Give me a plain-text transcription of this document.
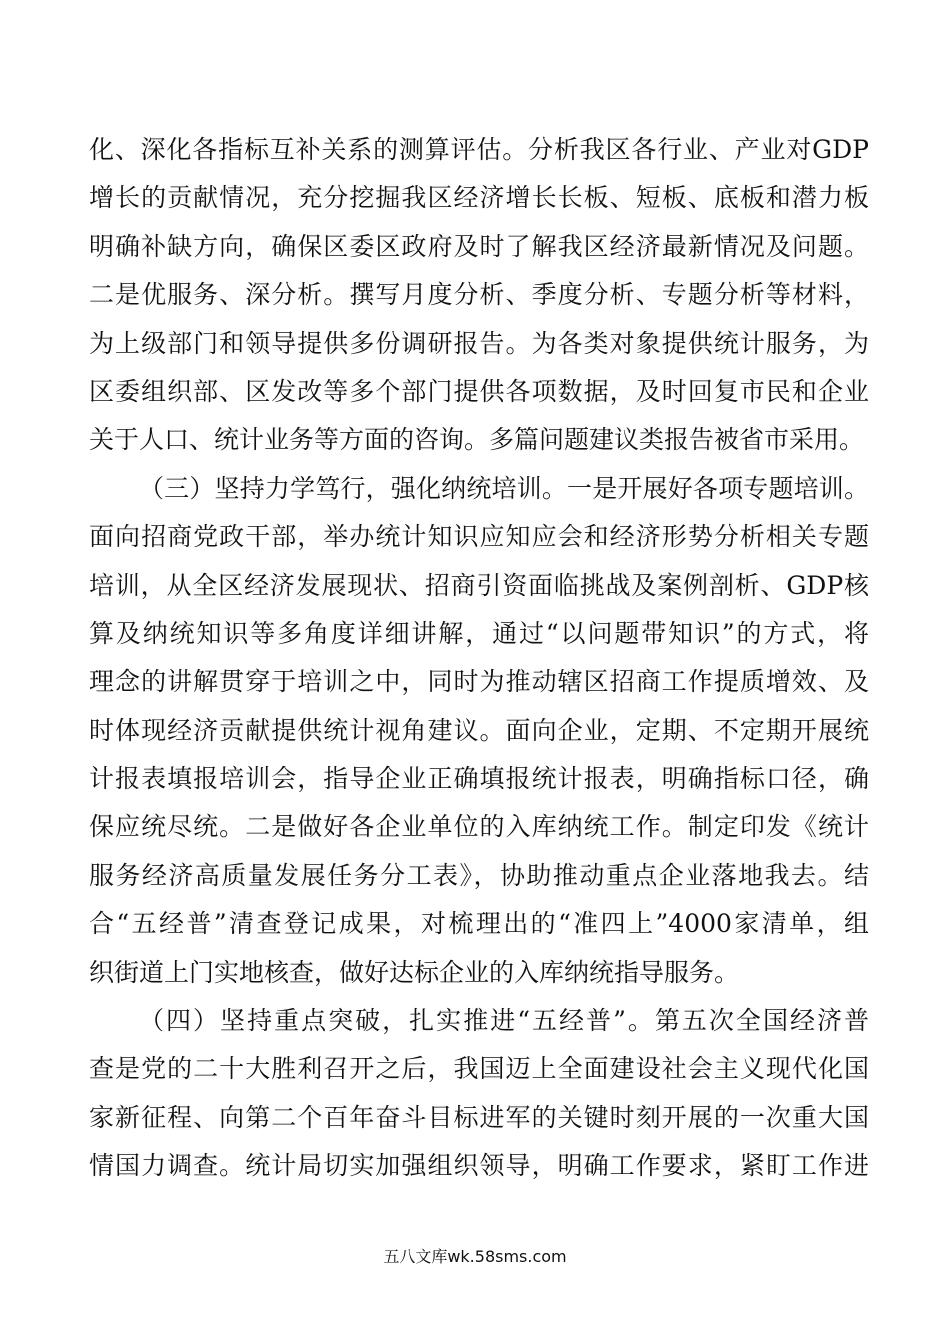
化、深化各指标互补关系的测算评估。分析我区各行业、产业对GDP
增长的贡献情况，充分挖掘我区经济增长长板、短板、底板和潜力板
明确补缺方向，确保区委区政府及时了解我区经济最新情况及问题。
二是优服务、深分析。撰写月度分析、季度分析、专题分析等材料，
为上级部门和领导提供多份调研报告。为各类对象提供统计服务，为
区委组织部、区发改等多个部门提供各项数据，及时回复市民和企业
关于人口、统计业务等方面的咨询。多篇问题建议类报告被省市采用。
（三）坚持力学笃行，强化纳统培训。一是开展好各项专题培训。
面向招商党政干部，举办统计知识应知应会和经济形势分析相关专题
培训，从全区经济发展现状、招商引资面临挑战及案例剖析、GDP核
算及纳统知识等多角度详细讲解，通过“以问题带知识”的方式，将
理念的讲解贯穿于培训之中，同时为推动辖区招商工作提质增效、及
时体现经济贡献提供统计视角建议。面向企业，定期、不定期开展统
计报表填报培训会，指导企业正确填报统计报表，明确指标口径，确
保应统尽统。二是做好各企业单位的入库纳统工作。制定印发《统计
服务经济高质量发展任务分工表》，协助推动重点企业落地我去。结
合“五经普”清查登记成果，对梳理出的“准四上”4000家清单，组
织街道上门实地核查，做好达标企业的入库纳统指导服务。
（四）坚持重点突破，扎实推进“五经普”。第五次全国经济普
查是党的二十大胜利召开之后，我国迈上全面建设社会主义现代化国
家新征程、向第二个百年奋斗目标进军的关键时刻开展的一次重大国
情国力调查。统计局切实加强组织领导，明确工作要求，紧盯工作进
五八文库wk.58sms.com
